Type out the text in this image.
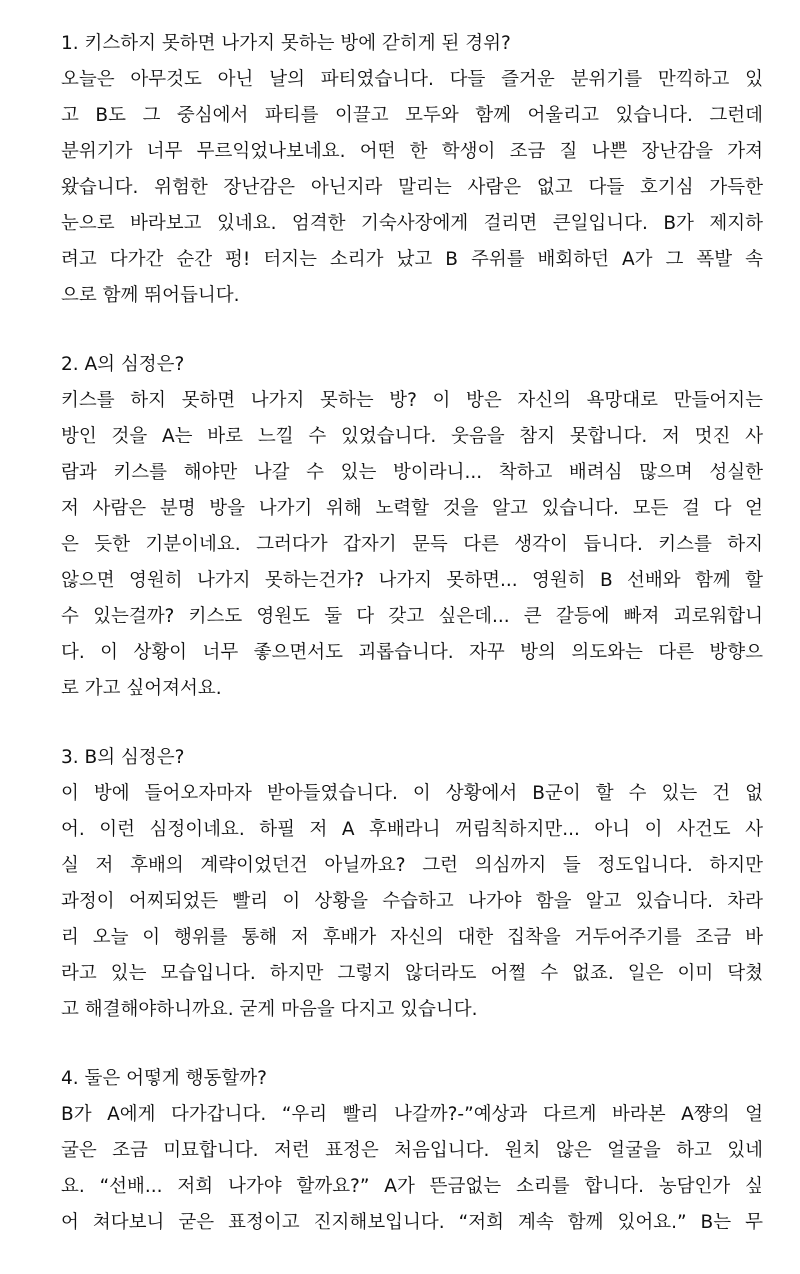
1. 키스하지 못하면 나가지 못하는 방에 갇히게 된 경위?
오늘은 아무것도 아닌 날의 파티였습니다. 다들 즐거운 분위기를 만끽하고 있
고 B도 그 중심에서 파티를 이끌고 모두와 함께 어울리고 있습니다. 그런데
분위기가 너무 무르익었나보네요. 어떤 한 학생이 조금 질 나쁜 장난감을 가져
왔습니다. 위험한 장난감은 아닌지라 말리는 사람은 없고 다들 호기심 가득한
눈으로 바라보고 있네요. 엄격한 기숙사장에게 걸리면 큰일입니다. B가 제지하
려고 다가간 순간 펑! 터지는 소리가 났고 B 주위를 배회하던 A가 그 폭발 속
으로 함께 뛰어듭니다.
2. A의 심정은?
키스를 하지 못하면 나가지 못하는 방? 이 방은 자신의 욕망대로 만들어지는
방인 것을 A는 바로 느낄 수 있었습니다. 웃음을 참지 못합니다. 저 멋진 사
람과 키스를 해야만 나갈 수 있는 방이라니... 착하고 배려심 많으며 성실한
저 사람은 분명 방을 나가기 위해 노력할 것을 알고 있습니다. 모든 걸 다 얻
은 듯한 기분이네요. 그러다가 갑자기 문득 다른 생각이 듭니다. 키스를 하지
않으면 영원히 나가지 못하는건가? 나가지 못하면... 영원히 B 선배와 함께 할
수 있는걸까? 키스도 영원도 둘 다 갖고 싶은데... 큰 갈등에 빠져 괴로워합니
다. 이 상황이 너무 좋으면서도 괴롭습니다. 자꾸 방의 의도와는 다른 방향으
로 가고 싶어져서요.
3. B의 심정은?
이 방에 들어오자마자 받아들였습니다. 이 상황에서 B군이 할 수 있는 건 없
어. 이런 심정이네요. 하필 저 A 후배라니 꺼림칙하지만... 아니 이 사건도 사
실 저 후배의 계략이었던건 아닐까요? 그런 의심까지 들 정도입니다. 하지만
과정이 어찌되었든 빨리 이 상황을 수습하고 나가야 함을 알고 있습니다. 차라
리 오늘 이 행위를 통해 저 후배가 자신의 대한 집착을 거두어주기를 조금 바
라고 있는 모습입니다. 하지만 그렇지 않더라도 어쩔 수 없죠. 일은 이미 닥쳤
고 해결해야하니까요. 굳게 마음을 다지고 있습니다.
4. 둘은 어떻게 행동할까?
B가 A에게 다가갑니다. “우리 빨리 나갈까?-”예상과 다르게 바라본 A쨩의 얼
굴은 조금 미묘합니다. 저런 표정은 처음입니다. 원치 않은 얼굴을 하고 있네
요. “선배... 저희 나가야 할까요?” A가 뜬금없는 소리를 합니다. 농담인가 싶
어 쳐다보니 굳은 표정이고 진지해보입니다. “저희 계속 함께 있어요.” B는 무
